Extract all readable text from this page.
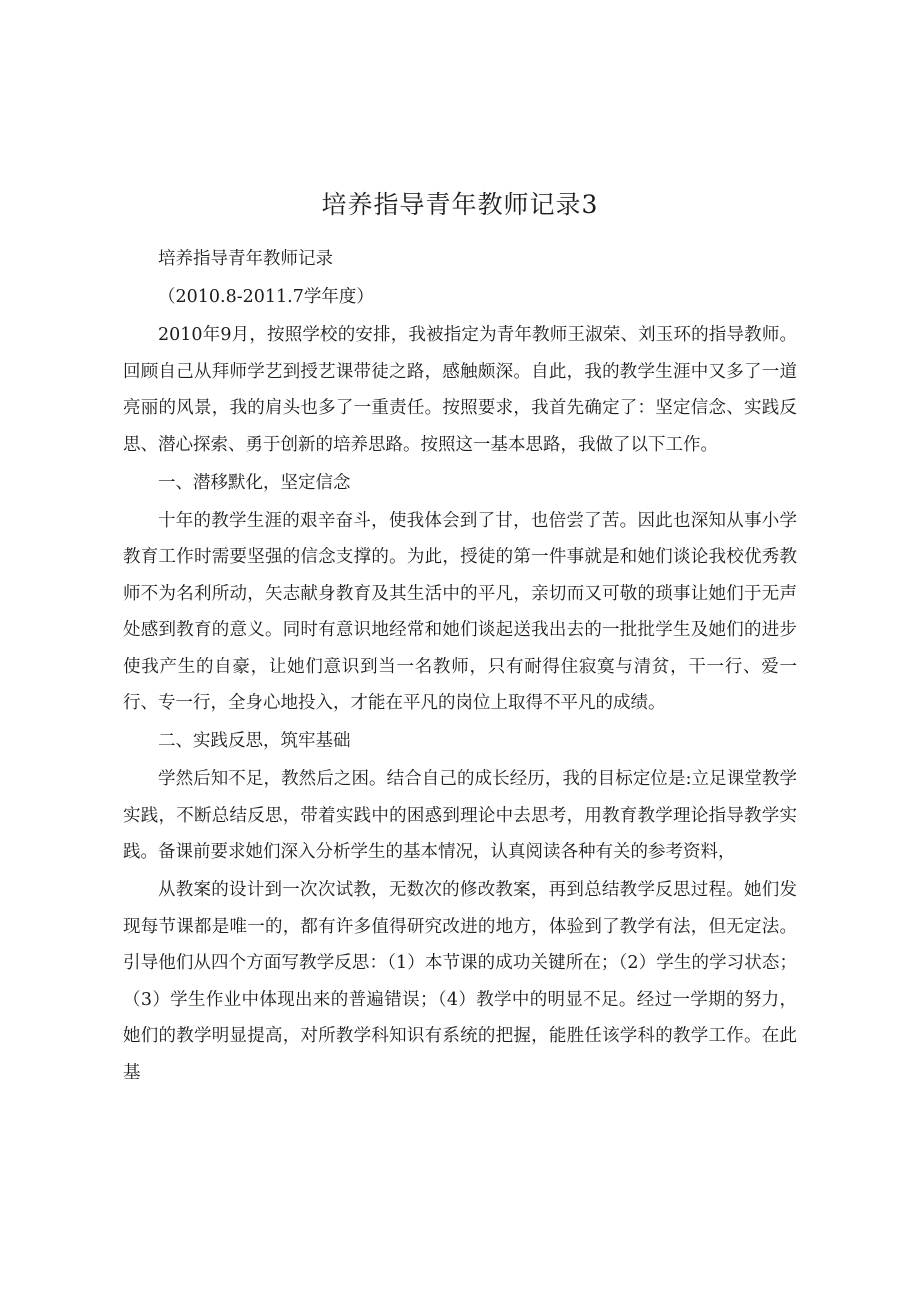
培养指导青年教师记录3

培养指导青年教师记录

（2010.8-2011.7学年度）

2010年9月，按照学校的安排，我被指定为青年教师王淑荣、刘玉环的指导教师。回顾自己从拜师学艺到授艺课带徒之路，感触颇深。自此，我的教学生涯中又多了一道亮丽的风景，我的肩头也多了一重责任。按照要求，我首先确定了：坚定信念、实践反思、潜心探索、勇于创新的培养思路。按照这一基本思路，我做了以下工作。

一、潜移默化，坚定信念

十年的教学生涯的艰辛奋斗，使我体会到了甘，也倍尝了苦。因此也深知从事小学教育工作时需要坚强的信念支撑的。为此，授徒的第一件事就是和她们谈论我校优秀教师不为名利所动，矢志献身教育及其生活中的平凡，亲切而又可敬的琐事让她们于无声处感到教育的意义。同时有意识地经常和她们谈起送我出去的一批批学生及她们的进步使我产生的自豪，让她们意识到当一名教师，只有耐得住寂寞与清贫，干一行、爱一行、专一行，全身心地投入，才能在平凡的岗位上取得不平凡的成绩。

二、实践反思，筑牢基础

学然后知不足，教然后之困。结合自己的成长经历，我的目标定位是:立足课堂教学实践，不断总结反思，带着实践中的困惑到理论中去思考，用教育教学理论指导教学实践。备课前要求她们深入分析学生的基本情况，认真阅读各种有关的参考资料，

从教案的设计到一次次试教，无数次的修改教案，再到总结教学反思过程。她们发现每节课都是唯一的，都有许多值得研究改进的地方，体验到了教学有法，但无定法。引导他们从四个方面写教学反思：（1）本节课的成功关键所在；（2）学生的学习状态；（3）学生作业中体现出来的普遍错误；（4）教学中的明显不足。经过一学期的努力，她们的教学明显提高，对所教学科知识有系统的把握，能胜任该学科的教学工作。在此基
